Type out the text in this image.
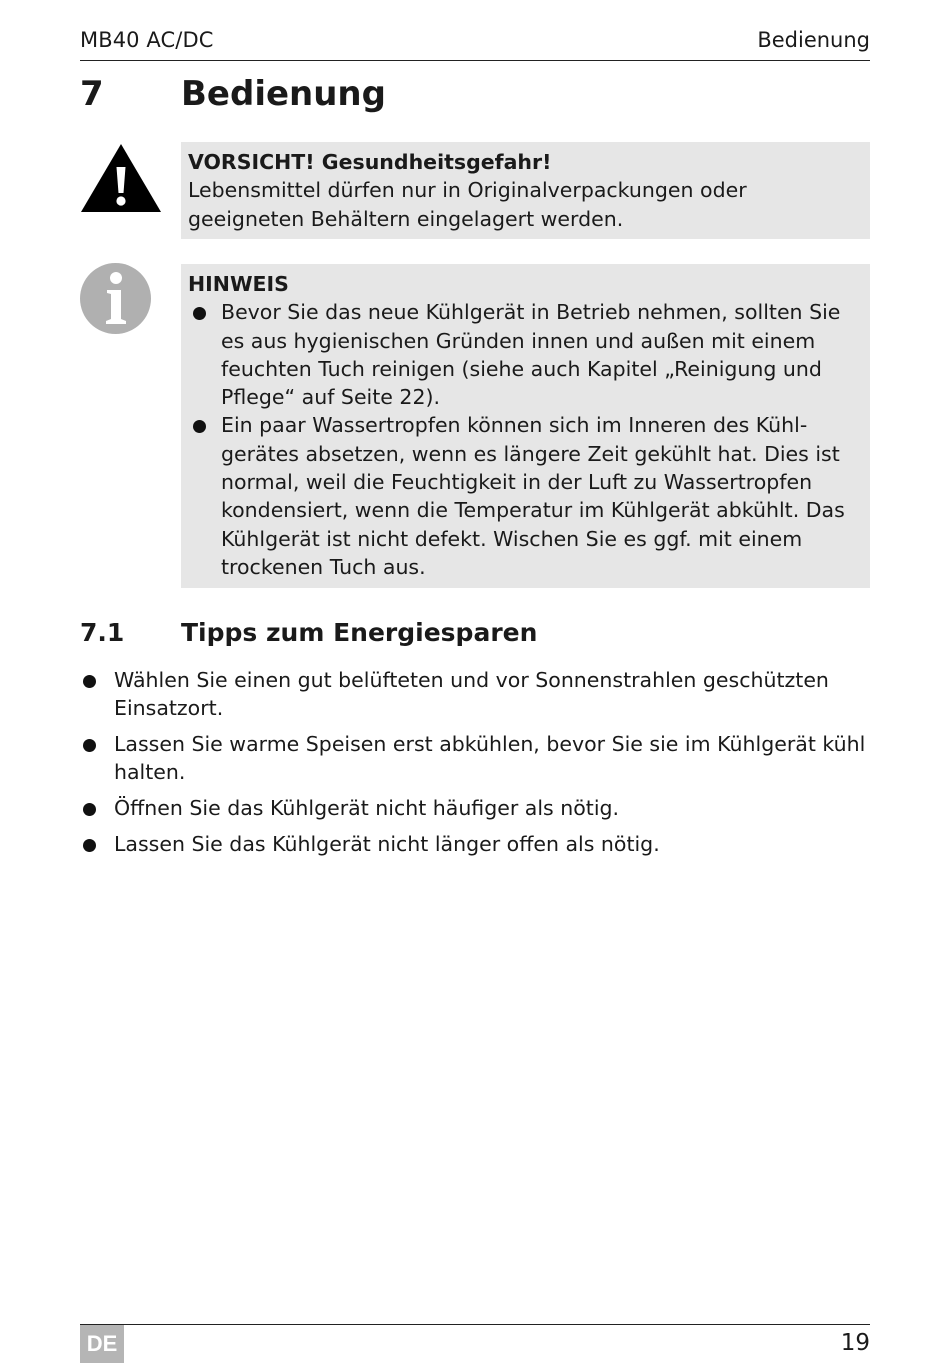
MB40 AC/DC	Bedienung
7	Bedienung
VORSICHT! Gesundheitsgefahr!
Lebensmittel dürfen nur in Originalverpackungen oder geeigneten Behältern eingelagert werden.
HINWEIS
Bevor Sie das neue Kühlgerät in Betrieb nehmen, sollten Sie es aus hygienischen Gründen innen und außen mit einem feuchten Tuch reinigen (siehe auch Kapitel „Reinigung und Pflege“ auf Seite 22).
Ein paar Wassertropfen können sich im Inneren des Kühlgerätes absetzen, wenn es längere Zeit gekühlt hat. Dies ist normal, weil die Feuchtigkeit in der Luft zu Wassertropfen kondensiert, wenn die Temperatur im Kühlgerät abkühlt. Das Kühlgerät ist nicht defekt. Wischen Sie es ggf. mit einem trockenen Tuch aus.
7.1 Tipps zum Energiesparen
Wählen Sie einen gut belüfteten und vor Sonnenstrahlen geschützten Einsatzort.
Lassen Sie warme Speisen erst abkühlen, bevor Sie sie im Kühlgerät kühl halten.
Öffnen Sie das Kühlgerät nicht häufiger als nötig.
Lassen Sie das Kühlgerät nicht länger offen als nötig.
DE	19
